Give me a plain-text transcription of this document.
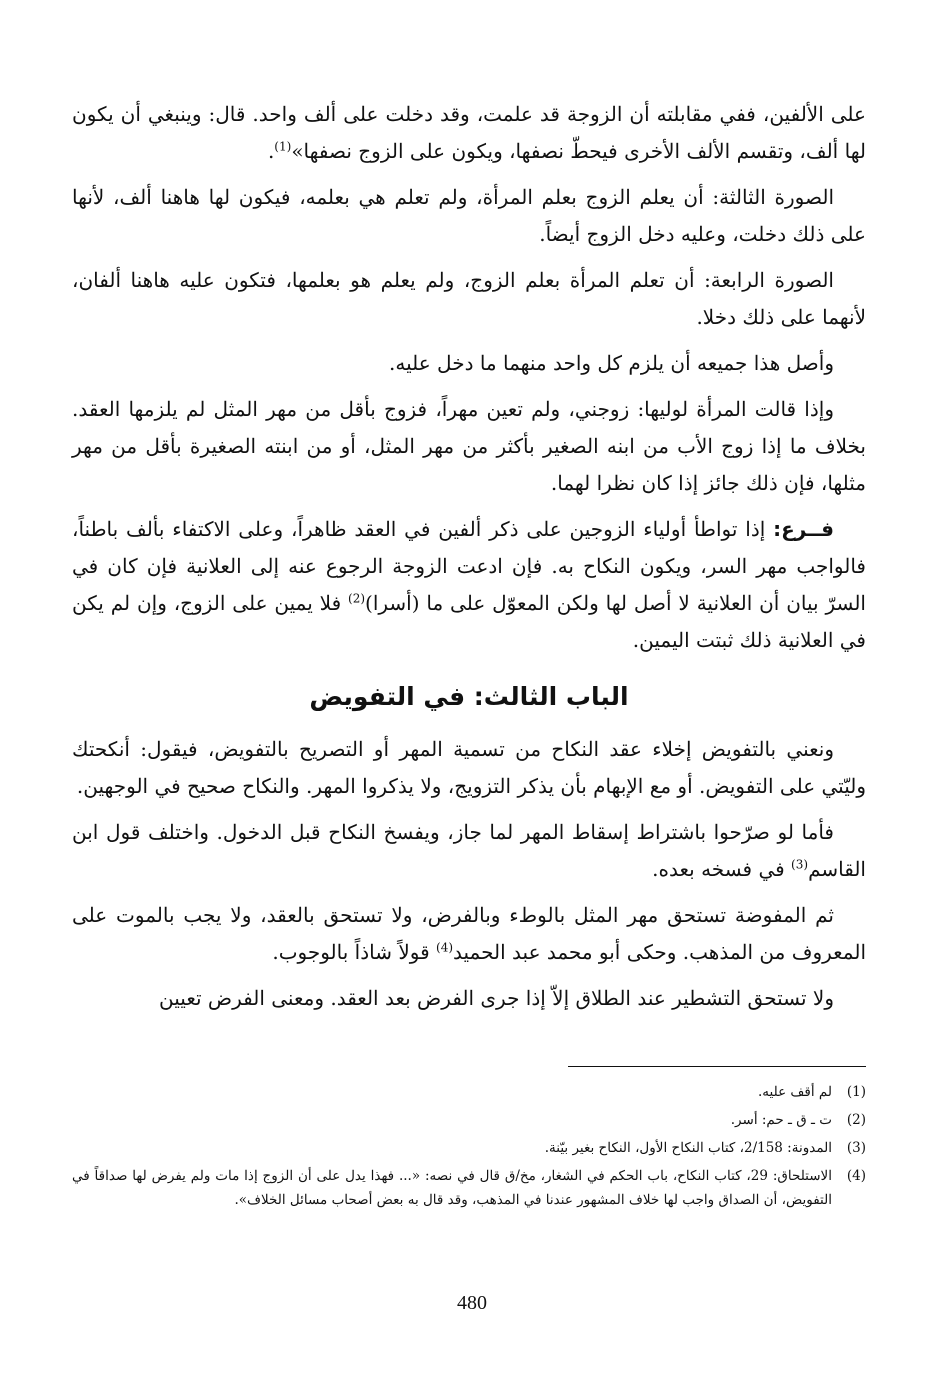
على الألفين، ففي مقابلته أن الزوجة قد علمت، وقد دخلت على ألف واحد. قال: وينبغي أن يكون لها ألف، وتقسم الألف الأخرى فيحطّ نصفها، ويكون على الزوج نصفها»$^{(1)}$.

الصورة الثالثة: أن يعلم الزوج بعلم المرأة، ولم تعلم هي بعلمه، فيكون لها هاهنا ألف، لأنها على ذلك دخلت، وعليه دخل الزوج أيضاً.

الصورة الرابعة: أن تعلم المرأة بعلم الزوج، ولم يعلم هو بعلمها، فتكون عليه هاهنا ألفان، لأنهما على ذلك دخلا.

وأصل هذا جميعه أن يلزم كل واحد منهما ما دخل عليه.

وإذا قالت المرأة لوليها: زوجني، ولم تعين مهراً، فزوج بأقل من مهر المثل لم يلزمها العقد. بخلاف ما إذا زوج الأب من ابنه الصغير بأكثر من مهر المثل، أو من ابنته الصغيرة بأقل من مهر مثلها، فإن ذلك جائز إذا كان نظرا لهما.

فــرع: إذا تواطأ أولياء الزوجين على ذكر ألفين في العقد ظاهراً، وعلى الاكتفاء بألف باطناً، فالواجب مهر السر، ويكون النكاح به. فإن ادعت الزوجة الرجوع عنه إلى العلانية فإن كان في السرّ بيان أن العلانية لا أصل لها ولكن المعوّل على ما (أسرا)$^{(2)}$ فلا يمين على الزوج، وإن لم يكن في العلانية ذلك ثبتت اليمين.

الباب الثالث: في التفويض

ونعني بالتفويض إخلاء عقد النكاح من تسمية المهر أو التصريح بالتفويض، فيقول: أنكحتك وليّتي على التفويض. أو مع الإبهام بأن يذكر التزويج، ولا يذكروا المهر. والنكاح صحيح في الوجهين.

فأما لو صرّحوا باشتراط إسقاط المهر لما جاز، ويفسخ النكاح قبل الدخول. واختلف قول ابن القاسم$^{(3)}$ في فسخه بعده.

ثم المفوضة تستحق مهر المثل بالوطء وبالفرض، ولا تستحق بالعقد، ولا يجب بالموت على المعروف من المذهب. وحكى أبو محمد عبد الحميد$^{(4)}$ قولاً شاذاً بالوجوب.

ولا تستحق التشطير عند الطلاق إلاّ إذا جرى الفرض بعد العقد. ومعنى الفرض تعيين

(1)
لم أقف عليه.
(2)
ت ـ ق ـ حم: أسر.
(3)
المدونة: 2/158، كتاب النكاح الأول، النكاح بغير بيّنة.
(4)
الاستلحاق: 29، كتاب النكاح، باب الحكم في الشغار، مخ/ق قال في نصه: «... فهذا يدل على أن الزوج إذا مات ولم يفرض لها صداقاً في التفويض، أن الصداق واجب لها خلاف المشهور عندنا في المذهب، وقد قال به بعض أصحاب مسائل الخلاف».
480
